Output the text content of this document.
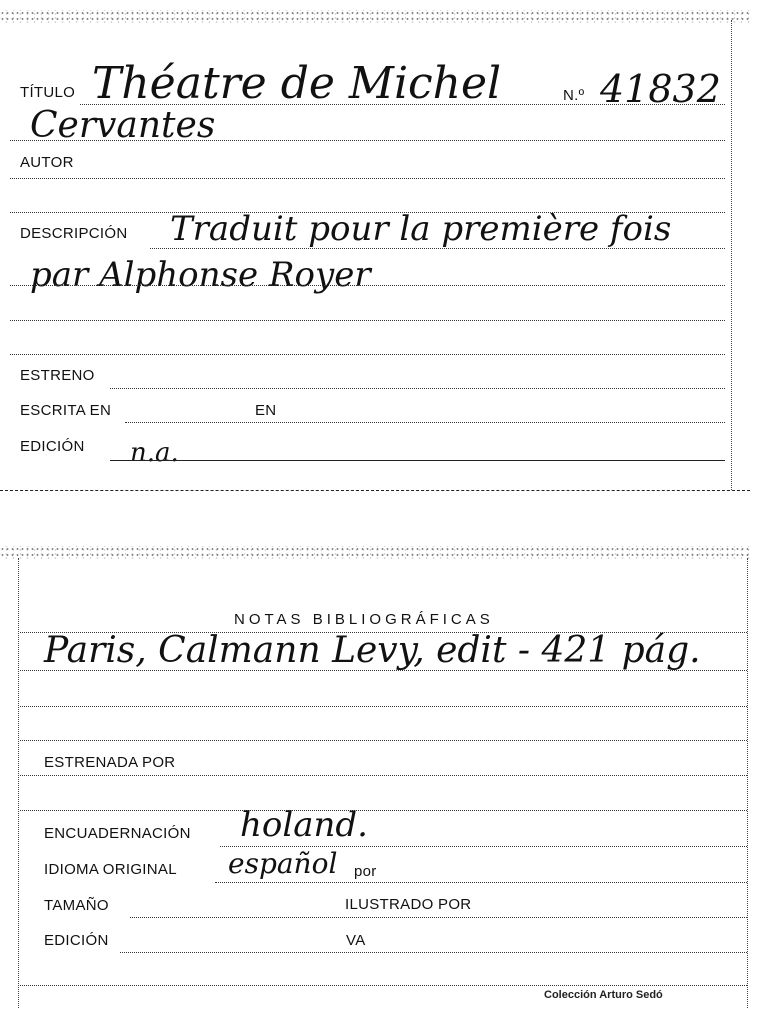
TÍTULO Théatre de Michel	N.º 41832
Cervantes
AUTOR
DESCRIPCIÓN Traduit pour la première fois
par Alphonse Royer
ESTRENO
ESCRITA EN	EN
EDICIÓN n.a.
NOTAS BIBLIOGRÁFICAS
Paris, Calmann Levy, edit - 421 pág.
ESTRENADA POR
ENCUADERNACIÓN holand.
IDIOMA ORIGINAL español por
TAMAÑO	ILUSTRADO POR
EDICIÓN	VA
Colección Arturo Sedó
